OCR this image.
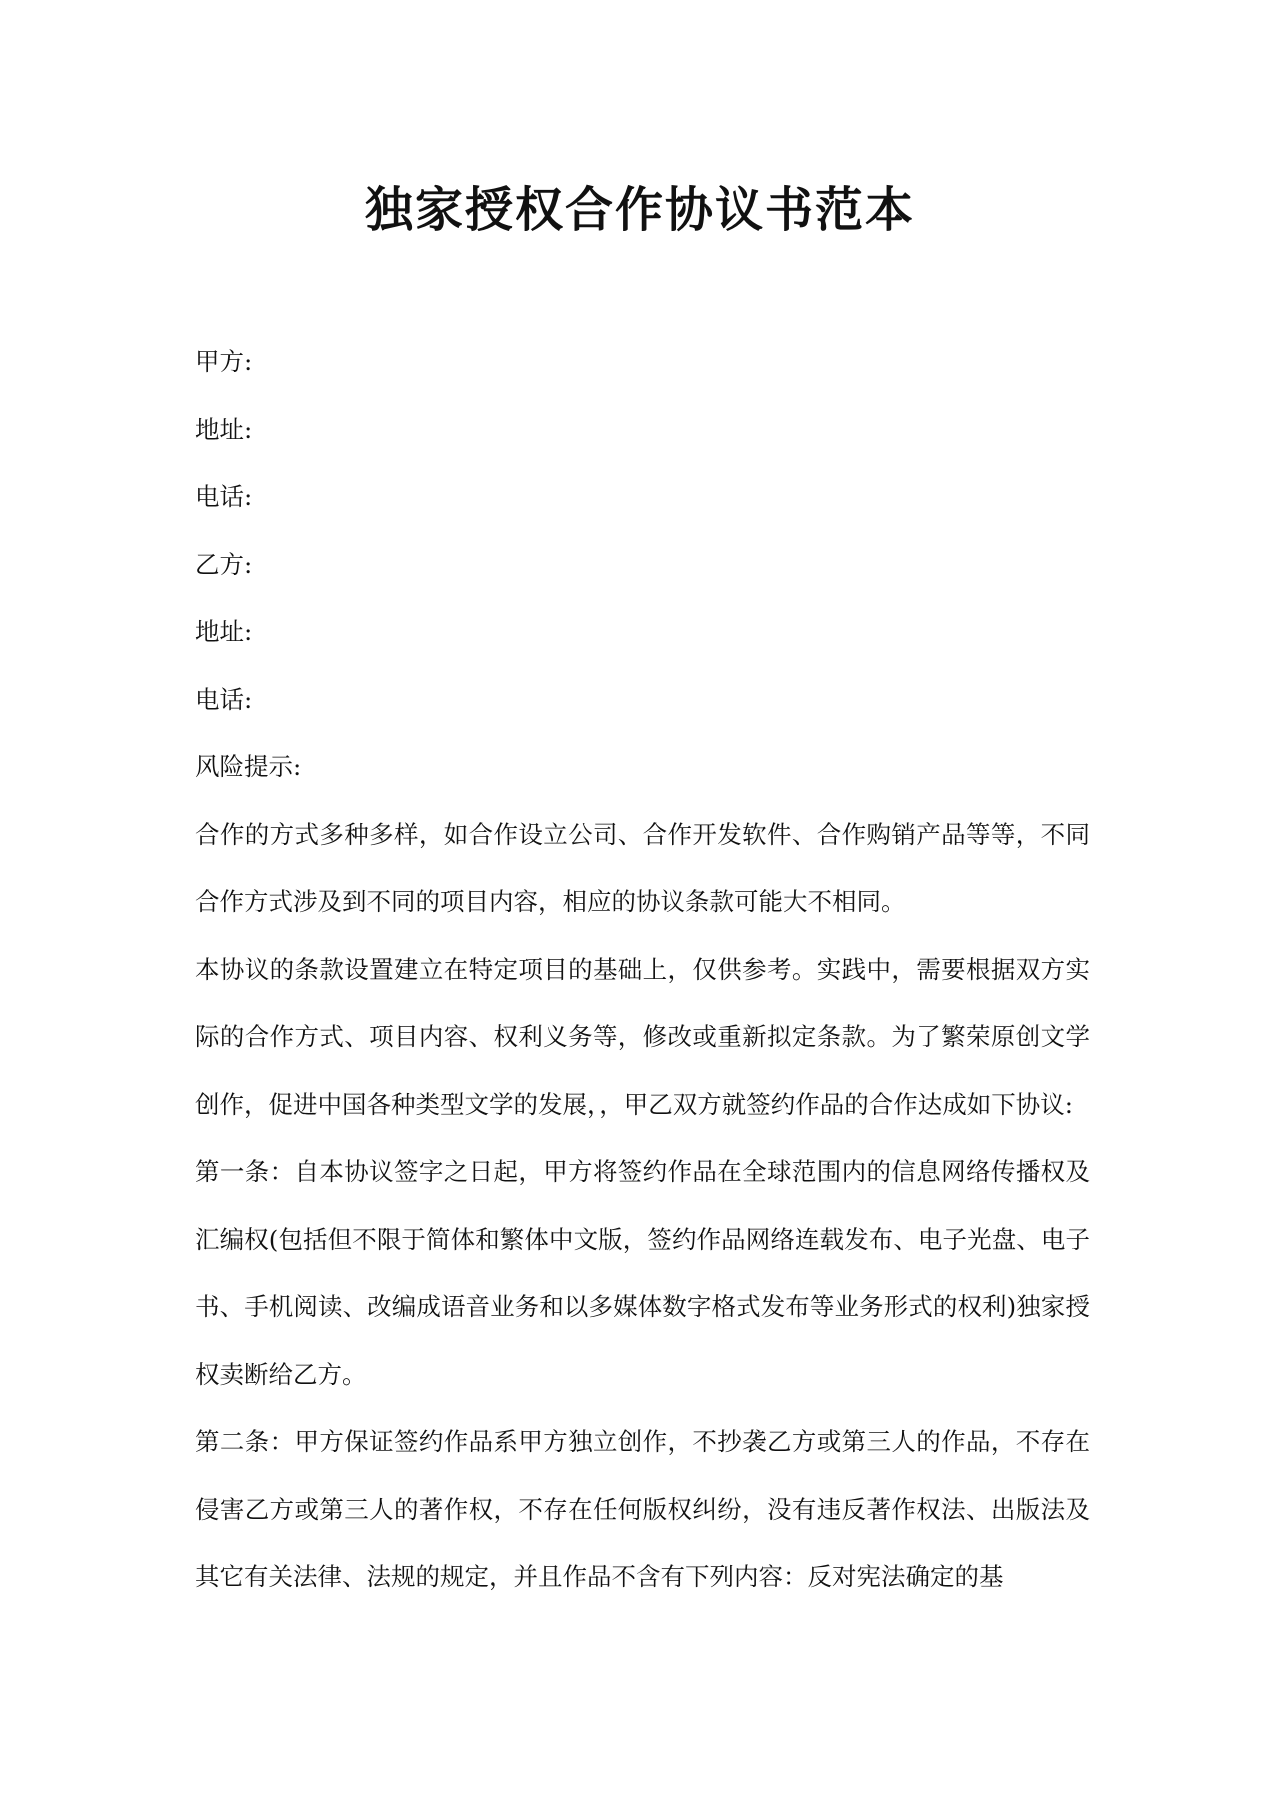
独家授权合作协议书范本

甲方:

地址:

电话:

乙方:

地址:

电话:

风险提示:

合作的方式多种多样，如合作设立公司、合作开发软件、合作购销产品等等，不同合作方式涉及到不同的项目内容，相应的协议条款可能大不相同。

本协议的条款设置建立在特定项目的基础上，仅供参考。实践中，需要根据双方实际的合作方式、项目内容、权利义务等，修改或重新拟定条款。为了繁荣原创文学创作，促进中国各种类型文学的发展，，甲乙双方就签约作品的合作达成如下协议:

第一条：自本协议签字之日起，甲方将签约作品在全球范围内的信息网络传播权及汇编权(包括但不限于简体和繁体中文版，签约作品网络连载发布、电子光盘、电子书、手机阅读、改编成语音业务和以多媒体数字格式发布等业务形式的权利)独家授权卖断给乙方。

第二条：甲方保证签约作品系甲方独立创作，不抄袭乙方或第三人的作品，不存在侵害乙方或第三人的著作权，不存在任何版权纠纷，没有违反著作权法、出版法及其它有关法律、法规的规定，并且作品不含有下列内容：反对宪法确定的基
